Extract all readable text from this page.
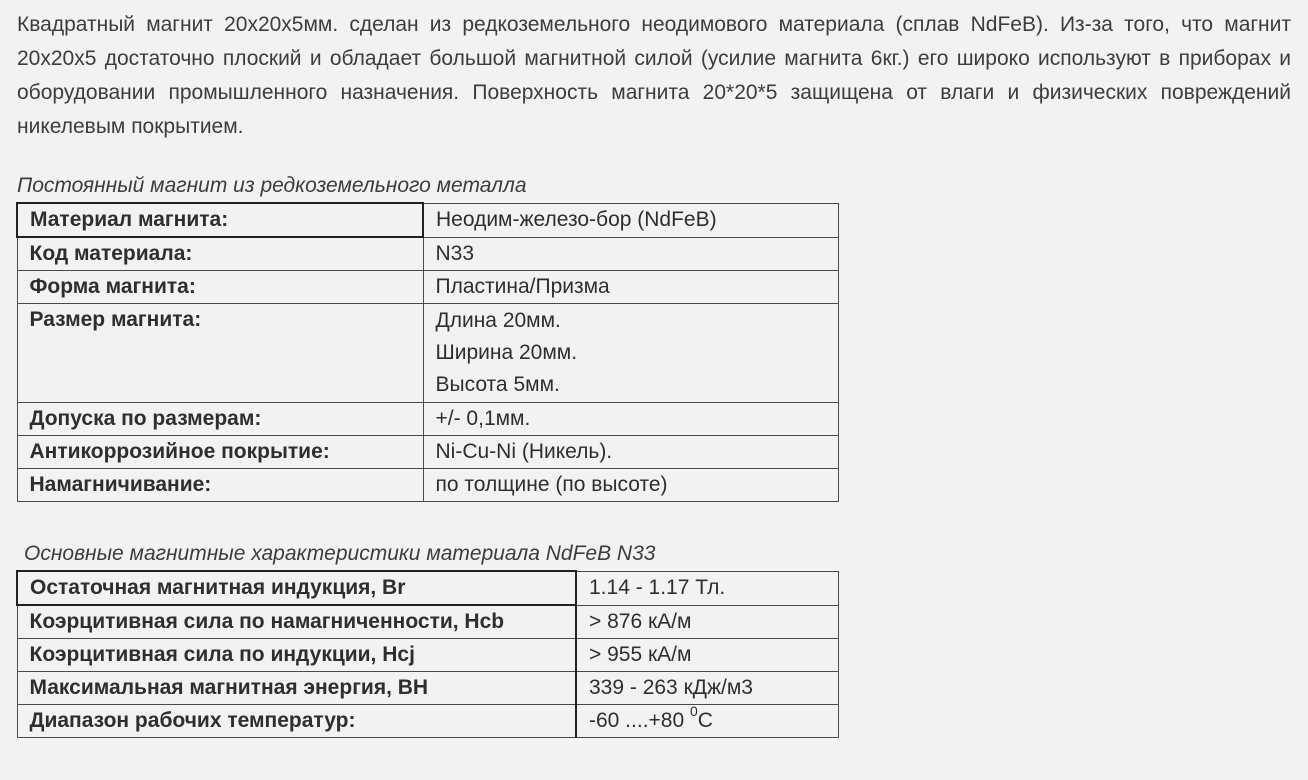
Квадратный магнит 20х20х5мм. сделан из редкоземельного неодимового материала (сплав NdFeB). Из-за того, что магнит 20х20х5 достаточно плоский и обладает большой магнитной силой (усилие магнита 6кг.) его широко используют в приборах и оборудовании промышленного назначения. Поверхность магнита 20*20*5 защищена от влаги и физических повреждений никелевым покрытием.

Постоянный магнит из редкоземельного металла

Материал магнита:	Неодим-железо-бор (NdFeB)
Код материала:	N33
Форма магнита:	Пластина/Призма
Размер магнита:	Длина 20мм.
Ширина 20мм.
Высота 5мм.

Допуска по размерам:	+/- 0,1мм.
Антикоррозийное покрытие:	Ni-Cu-Ni (Никель).
Намагничивание:	по толщине (по высоте)

Основные магнитные характеристики материала NdFeB N33

Остаточная магнитная индукция, Br	1.14 - 1.17 Тл.
Коэрцитивная сила по намагниченности, Hcb	> 876 кА/м
Коэрцитивная сила по индукции, Hcj	> 955 кА/м
Максимальная магнитная энергия, BH	339 - 263 кДж/м3
Диапазон рабочих температур:	-60 ....+80 $^0$C
